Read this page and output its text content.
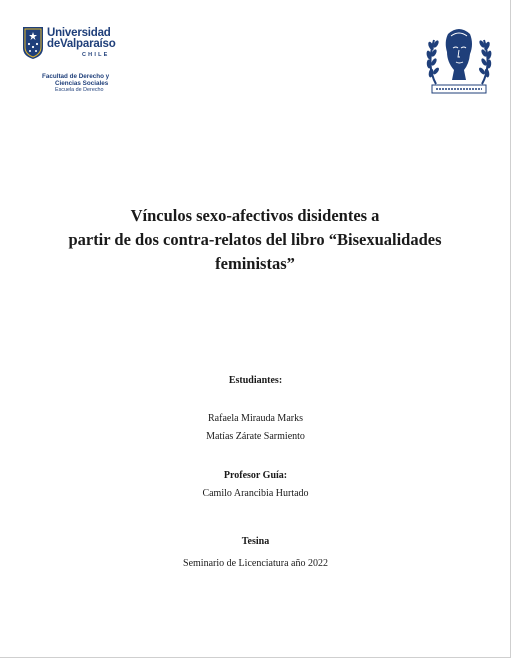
Universidad
deValparaíso
CHILE
Facultad de Derecho y
Ciencias Sociales
Escuela de Derecho
Vínculos sexo-afectivos disidentes a
partir de dos contra-relatos del libro “Bisexualidades
feministas”
Estudiantes:
Rafaela Mirauda Marks
Matías Zárate Sarmiento
Profesor Guía:
Camilo Arancibia Hurtado
Tesina
Seminario de Licenciatura año 2022
